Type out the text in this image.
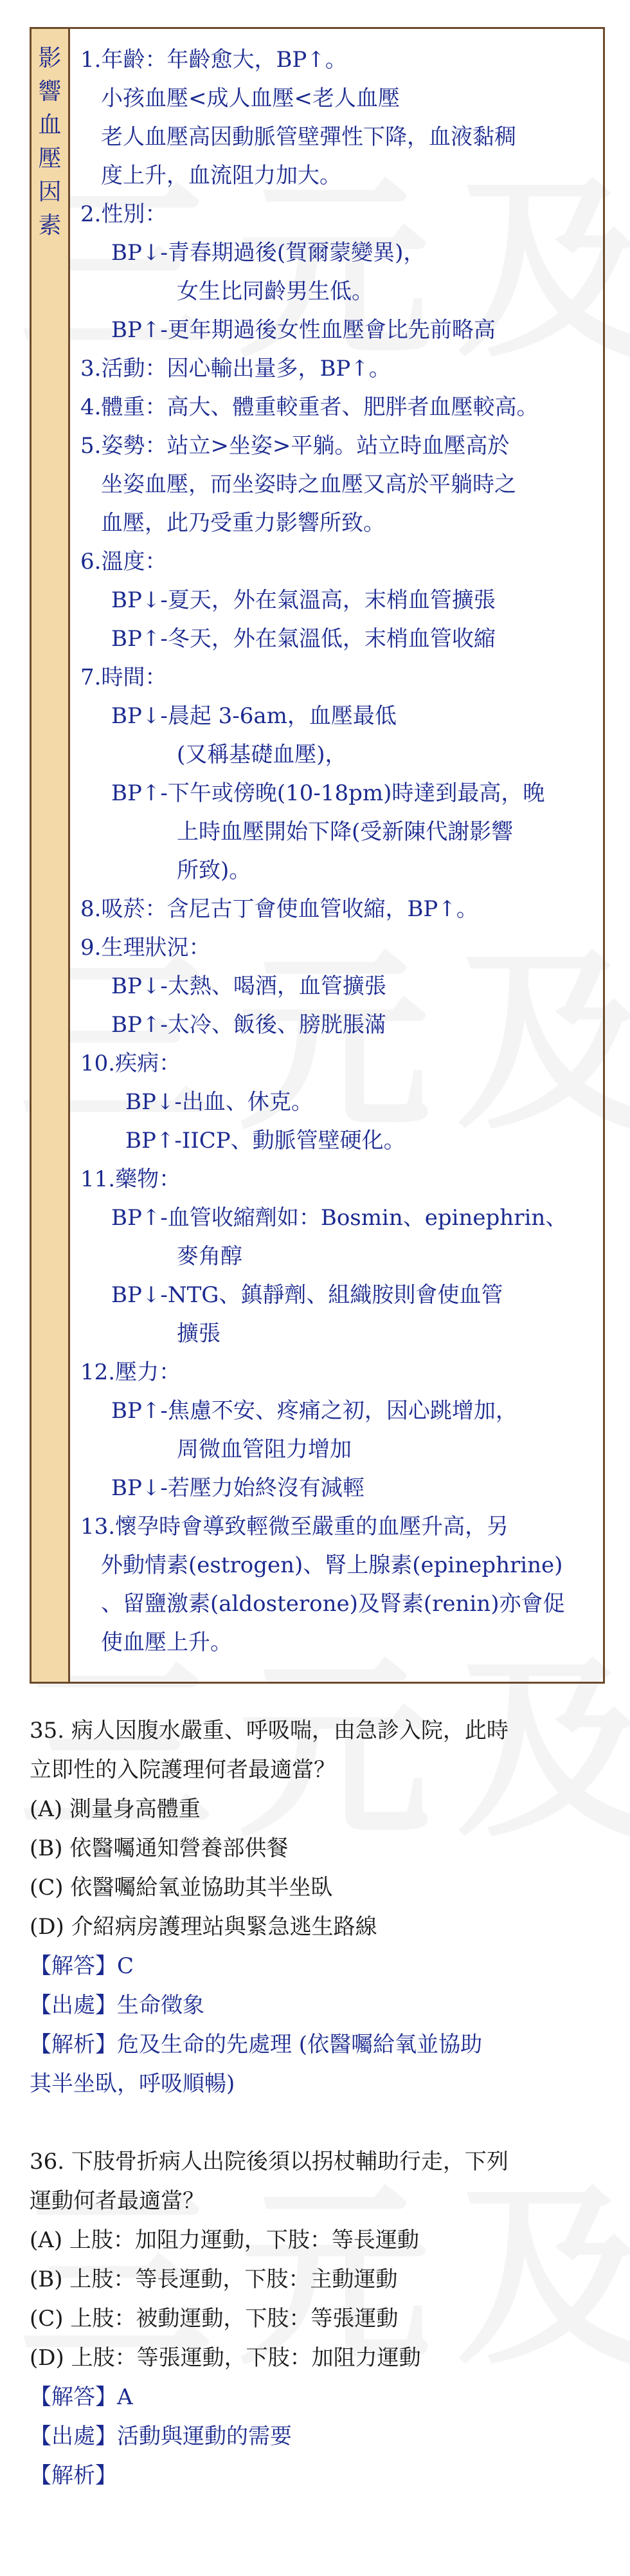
影
響
血
壓
因
素
1.年齡：年齡愈大，BP↑。
小孩血壓<成人血壓<老人血壓
老人血壓高因動脈管壁彈性下降，血液黏稠
度上升，血流阻力加大。
2.性別：
BP↓-青春期過後(賀爾蒙變異)，
女生比同齡男生低。
BP↑-更年期過後女性血壓會比先前略高
3.活動：因心輸出量多，BP↑。
4.體重：高大、體重較重者、肥胖者血壓較高。
5.姿勢：站立>坐姿>平躺。站立時血壓高於
坐姿血壓，而坐姿時之血壓又高於平躺時之
血壓，此乃受重力影響所致。
6.溫度：
BP↓-夏天，外在氣溫高，末梢血管擴張
BP↑-冬天，外在氣溫低，末梢血管收縮
7.時間：
BP↓-晨起 3-6am，血壓最低
(又稱基礎血壓)，
BP↑-下午或傍晚(10-18pm)時達到最高，晚
上時血壓開始下降(受新陳代謝影響
所致)。
8.吸菸：含尼古丁會使血管收縮，BP↑。
9.生理狀況：
BP↓-太熱、喝酒，血管擴張
BP↑-太冷、飯後、膀胱脹滿
10.疾病：
BP↓-出血、休克。
BP↑-IICP、動脈管壁硬化。
11.藥物：
BP↑-血管收縮劑如：Bosmin、epinephrin、
麥角醇
BP↓-NTG、鎮靜劑、組織胺則會使血管
擴張
12.壓力：
BP↑-焦慮不安、疼痛之初，因心跳增加，
周微血管阻力增加
BP↓-若壓力始終沒有減輕
13.懷孕時會導致輕微至嚴重的血壓升高，另
外動情素(estrogen)、腎上腺素(epinephrine)
、留鹽激素(aldosterone)及腎素(renin)亦會促
使血壓上升。
35. 病人因腹水嚴重、呼吸喘，由急診入院，此時
立即性的入院護理何者最適當？
(A) 測量身高體重
(B) 依醫囑通知營養部供餐
(C) 依醫囑給氧並協助其半坐臥
(D) 介紹病房護理站與緊急逃生路線
【解答】C
【出處】生命徵象
【解析】危及生命的先處理 (依醫囑給氧並協助
其半坐臥，呼吸順暢)
36. 下肢骨折病人出院後須以拐杖輔助行走，下列
運動何者最適當？
(A) 上肢：加阻力運動，下肢：等長運動
(B) 上肢：等長運動，下肢：主動運動
(C) 上肢：被動運動，下肢：等張運動
(D) 上肢：等張運動，下肢：加阻力運動
【解答】A
【出處】活動與運動的需要
【解析】
